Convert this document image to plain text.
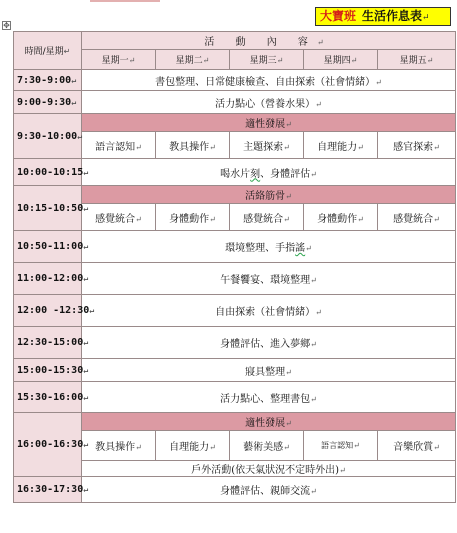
大寶班 生活作息表↵
✥
時間/星期↵	活 動 內 容↵				
	星期一↵	星期二↵	星期三↵	星期四↵	星期五↵
7:30-9:00↵	書包整理、日常健康檢查、自由探索（社會情緒）↵				
9:00-9:30↵	活力點心（營養水果）↵				
9:30-10:00↵	適性發展↵				
	語言認知↵	教具操作↵	主題探索↵	自理能力↵	感官探索↵
10:00-10:15↵	喝水片刻、身體評估↵				
10:15-10:50↵	活絡筋骨↵				
	感覺統合↵	身體動作↵	感覺統合↵	身體動作↵	感覺統合↵
10:50-11:00↵	環境整理、手指謠↵				
11:00-12:00↵	午餐饗宴、環境整理↵				
12:00 -12:30↵	自由探索（社會情緒）↵				
12:30-15:00↵	身體評估、進入夢鄉↵				
15:00-15:30↵	寢具整理↵				
15:30-16:00↵	活力點心、整理書包↵				
16:00-16:30↵	適性發展↵				
	教具操作↵	自理能力↵	藝術美感↵	語言認知↵	音樂欣賞↵
	戶外活動(依天氣狀況不定時外出)↵				
16:30-17:30↵	身體評估、親師交流↵				
